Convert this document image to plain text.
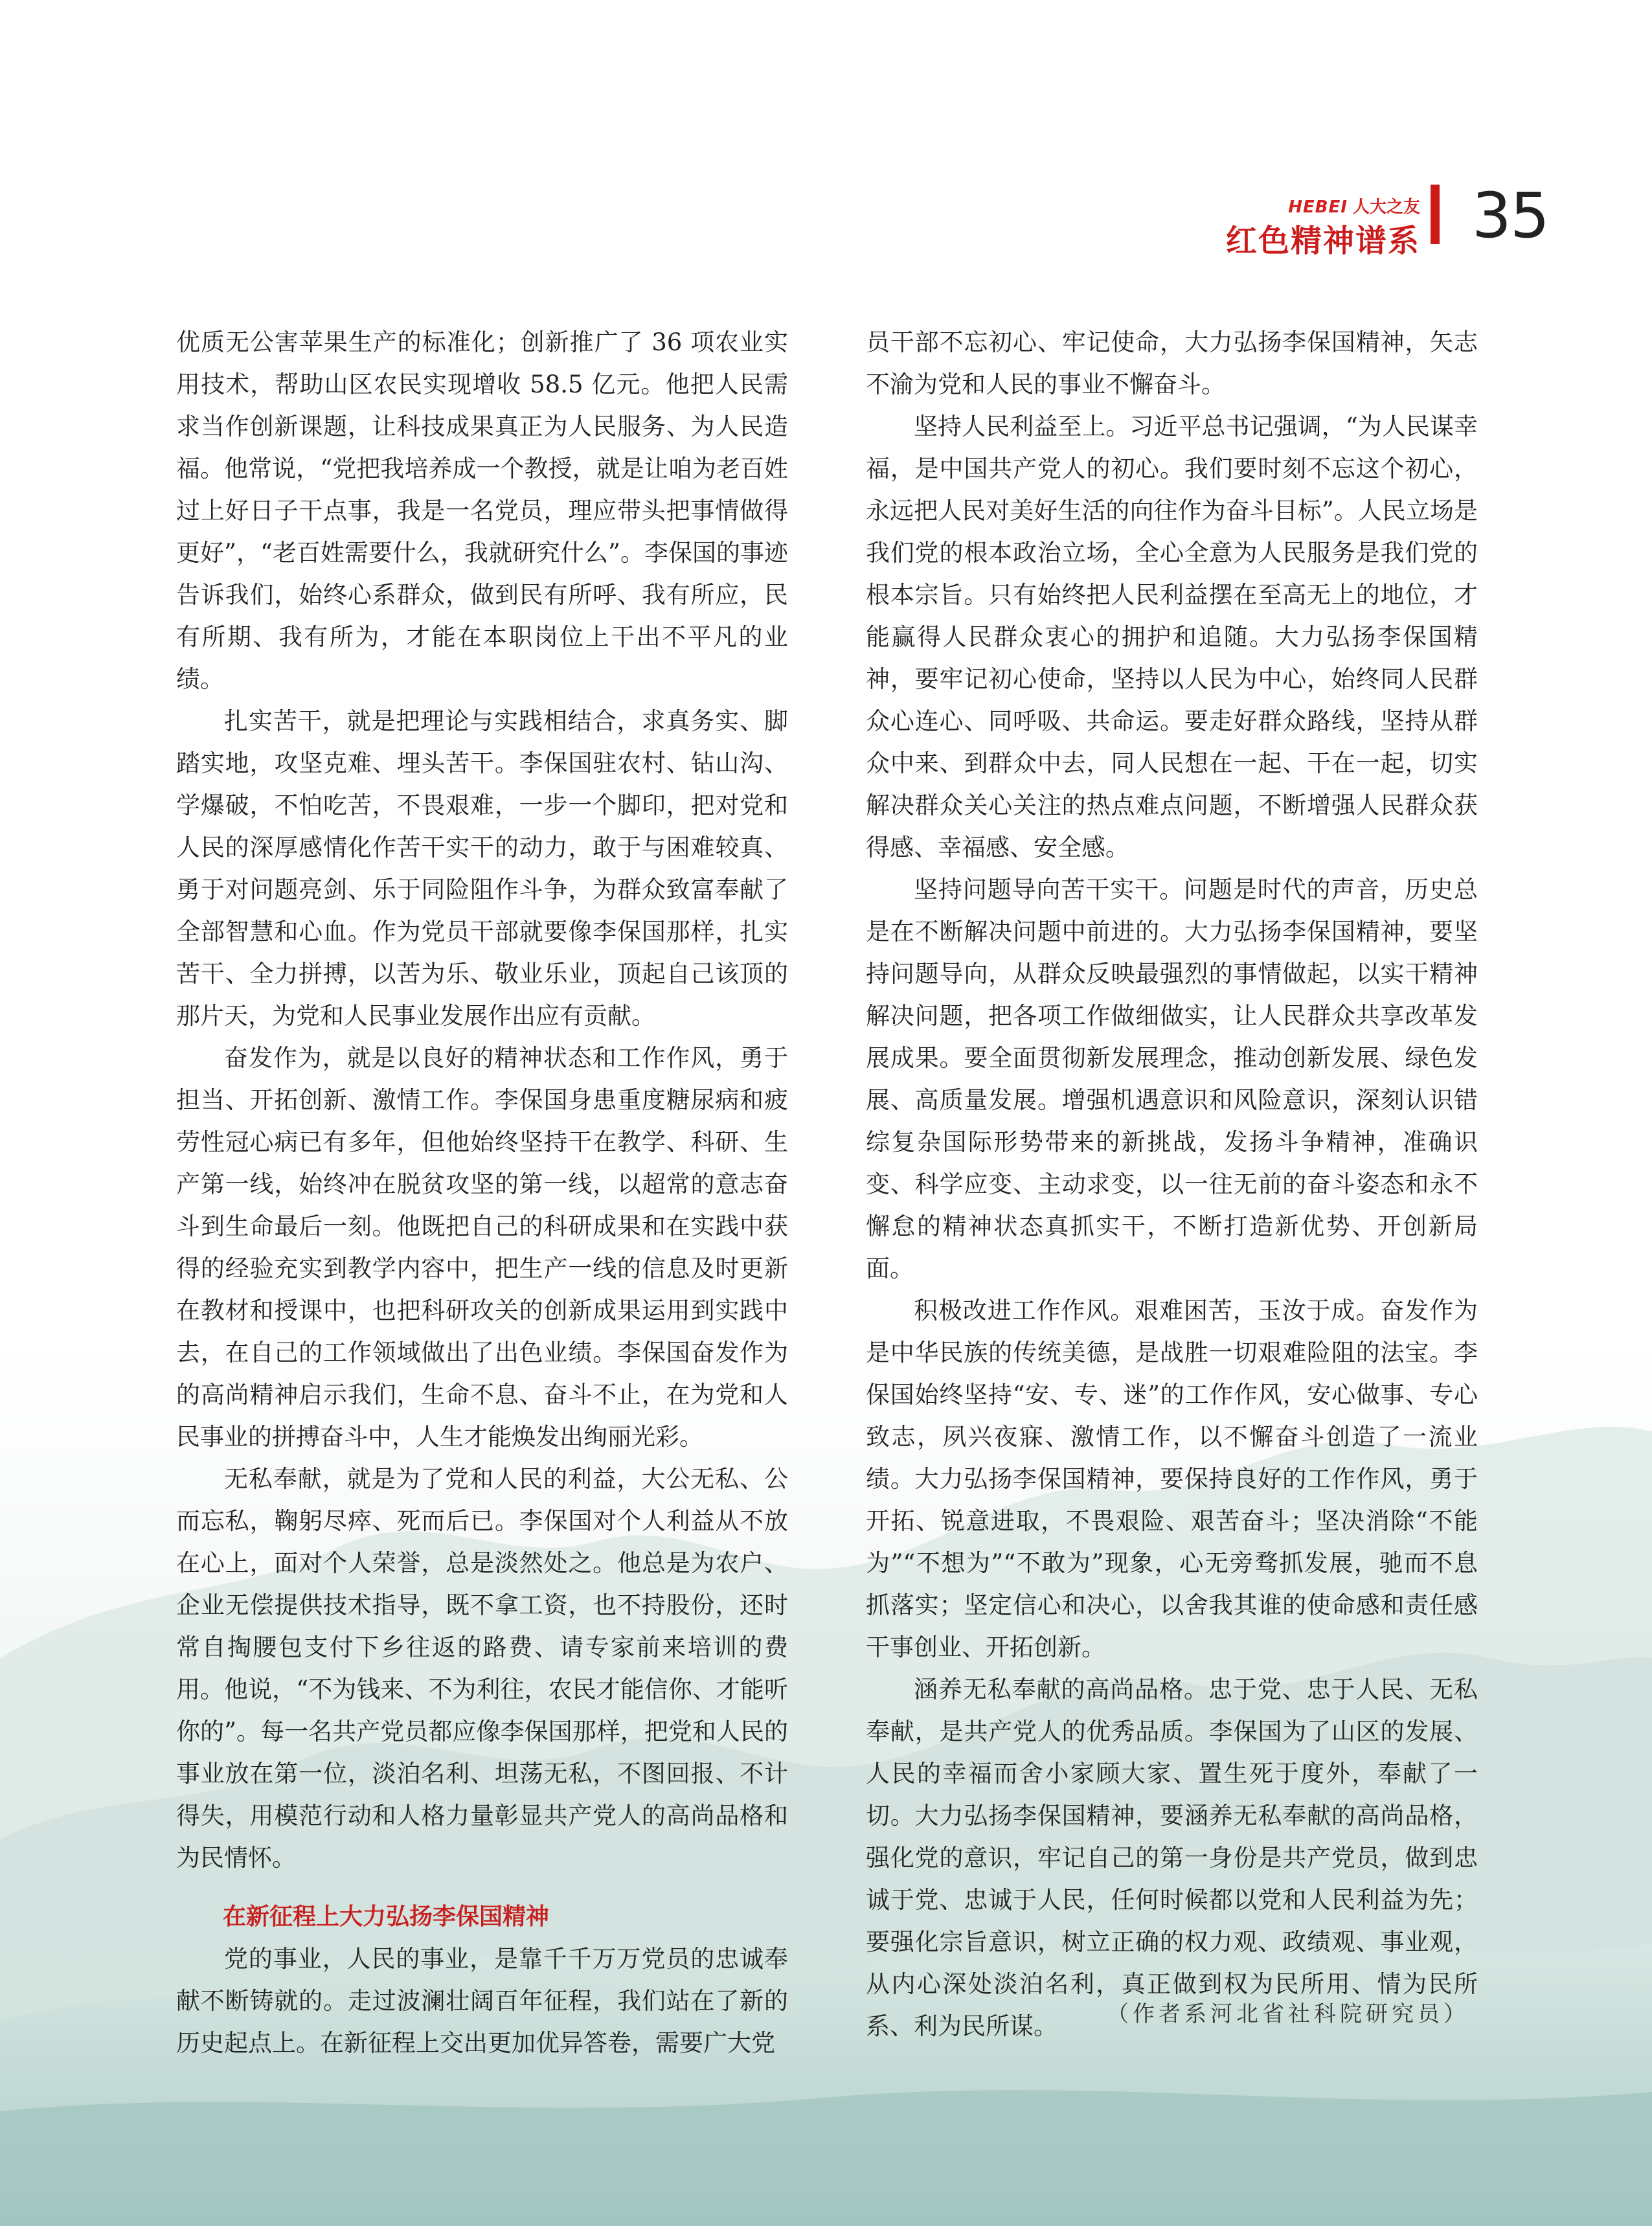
HEBEI 人大之友
红色精神谱系 35

优质无公害苹果生产的标准化；创新推广了 36 项农业实用技术，帮助山区农民实现增收 58.5 亿元。他把人民需求当作创新课题，让科技成果真正为人民服务、为人民造福。他常说，“党把我培养成一个教授，就是让咱为老百姓过上好日子干点事，我是一名党员，理应带头把事情做得更好”，“老百姓需要什么，我就研究什么”。李保国的事迹告诉我们，始终心系群众，做到民有所呼、我有所应，民有所期、我有所为，才能在本职岗位上干出不平凡的业绩。

扎实苦干，就是把理论与实践相结合，求真务实、脚踏实地，攻坚克难、埋头苦干。李保国驻农村、钻山沟、学爆破，不怕吃苦，不畏艰难，一步一个脚印，把对党和人民的深厚感情化作苦干实干的动力，敢于与困难较真、勇于对问题亮剑、乐于同险阻作斗争，为群众致富奉献了全部智慧和心血。作为党员干部就要像李保国那样，扎实苦干、全力拼搏，以苦为乐、敬业乐业，顶起自己该顶的那片天，为党和人民事业发展作出应有贡献。

奋发作为，就是以良好的精神状态和工作作风，勇于担当、开拓创新、激情工作。李保国身患重度糖尿病和疲劳性冠心病已有多年，但他始终坚持干在教学、科研、生产第一线，始终冲在脱贫攻坚的第一线，以超常的意志奋斗到生命最后一刻。他既把自己的科研成果和在实践中获得的经验充实到教学内容中，把生产一线的信息及时更新在教材和授课中，也把科研攻关的创新成果运用到实践中去，在自己的工作领域做出了出色业绩。李保国奋发作为的高尚精神启示我们，生命不息、奋斗不止，在为党和人民事业的拼搏奋斗中，人生才能焕发出绚丽光彩。

无私奉献，就是为了党和人民的利益，大公无私、公而忘私，鞠躬尽瘁、死而后已。李保国对个人利益从不放在心上，面对个人荣誉，总是淡然处之。他总是为农户、企业无偿提供技术指导，既不拿工资，也不持股份，还时常自掏腰包支付下乡往返的路费、请专家前来培训的费用。他说，“不为钱来、不为利往，农民才能信你、才能听你的”。每一名共产党员都应像李保国那样，把党和人民的事业放在第一位，淡泊名利、坦荡无私，不图回报、不计得失，用模范行动和人格力量彰显共产党人的高尚品格和为民情怀。

在新征程上大力弘扬李保国精神

党的事业，人民的事业，是靠千千万万党员的忠诚奉献不断铸就的。走过波澜壮阔百年征程，我们站在了新的历史起点上。在新征程上交出更加优异答卷，需要广大党

员干部不忘初心、牢记使命，大力弘扬李保国精神，矢志不渝为党和人民的事业不懈奋斗。

坚持人民利益至上。习近平总书记强调，“为人民谋幸福，是中国共产党人的初心。我们要时刻不忘这个初心，永远把人民对美好生活的向往作为奋斗目标”。人民立场是我们党的根本政治立场，全心全意为人民服务是我们党的根本宗旨。只有始终把人民利益摆在至高无上的地位，才能赢得人民群众衷心的拥护和追随。大力弘扬李保国精神，要牢记初心使命，坚持以人民为中心，始终同人民群众心连心、同呼吸、共命运。要走好群众路线，坚持从群众中来、到群众中去，同人民想在一起、干在一起，切实解决群众关心关注的热点难点问题，不断增强人民群众获得感、幸福感、安全感。

坚持问题导向苦干实干。问题是时代的声音，历史总是在不断解决问题中前进的。大力弘扬李保国精神，要坚持问题导向，从群众反映最强烈的事情做起，以实干精神解决问题，把各项工作做细做实，让人民群众共享改革发展成果。要全面贯彻新发展理念，推动创新发展、绿色发展、高质量发展。增强机遇意识和风险意识，深刻认识错综复杂国际形势带来的新挑战，发扬斗争精神，准确识变、科学应变、主动求变，以一往无前的奋斗姿态和永不懈怠的精神状态真抓实干，不断打造新优势、开创新局面。

积极改进工作作风。艰难困苦，玉汝于成。奋发作为是中华民族的传统美德，是战胜一切艰难险阻的法宝。李保国始终坚持“安、专、迷”的工作作风，安心做事、专心致志，夙兴夜寐、激情工作，以不懈奋斗创造了一流业绩。大力弘扬李保国精神，要保持良好的工作作风，勇于开拓、锐意进取，不畏艰险、艰苦奋斗；坚决消除“不能为”“不想为”“不敢为”现象，心无旁骛抓发展，驰而不息抓落实；坚定信心和决心，以舍我其谁的使命感和责任感干事创业、开拓创新。

涵养无私奉献的高尚品格。忠于党、忠于人民、无私奉献，是共产党人的优秀品质。李保国为了山区的发展、人民的幸福而舍小家顾大家、置生死于度外，奉献了一切。大力弘扬李保国精神，要涵养无私奉献的高尚品格，强化党的意识，牢记自己的第一身份是共产党员，做到忠诚于党、忠诚于人民，任何时候都以党和人民利益为先；要强化宗旨意识，树立正确的权力观、政绩观、事业观，从内心深处淡泊名利，真正做到权为民所用、情为民所系、利为民所谋。	（作者系河北省社科院研究员）
